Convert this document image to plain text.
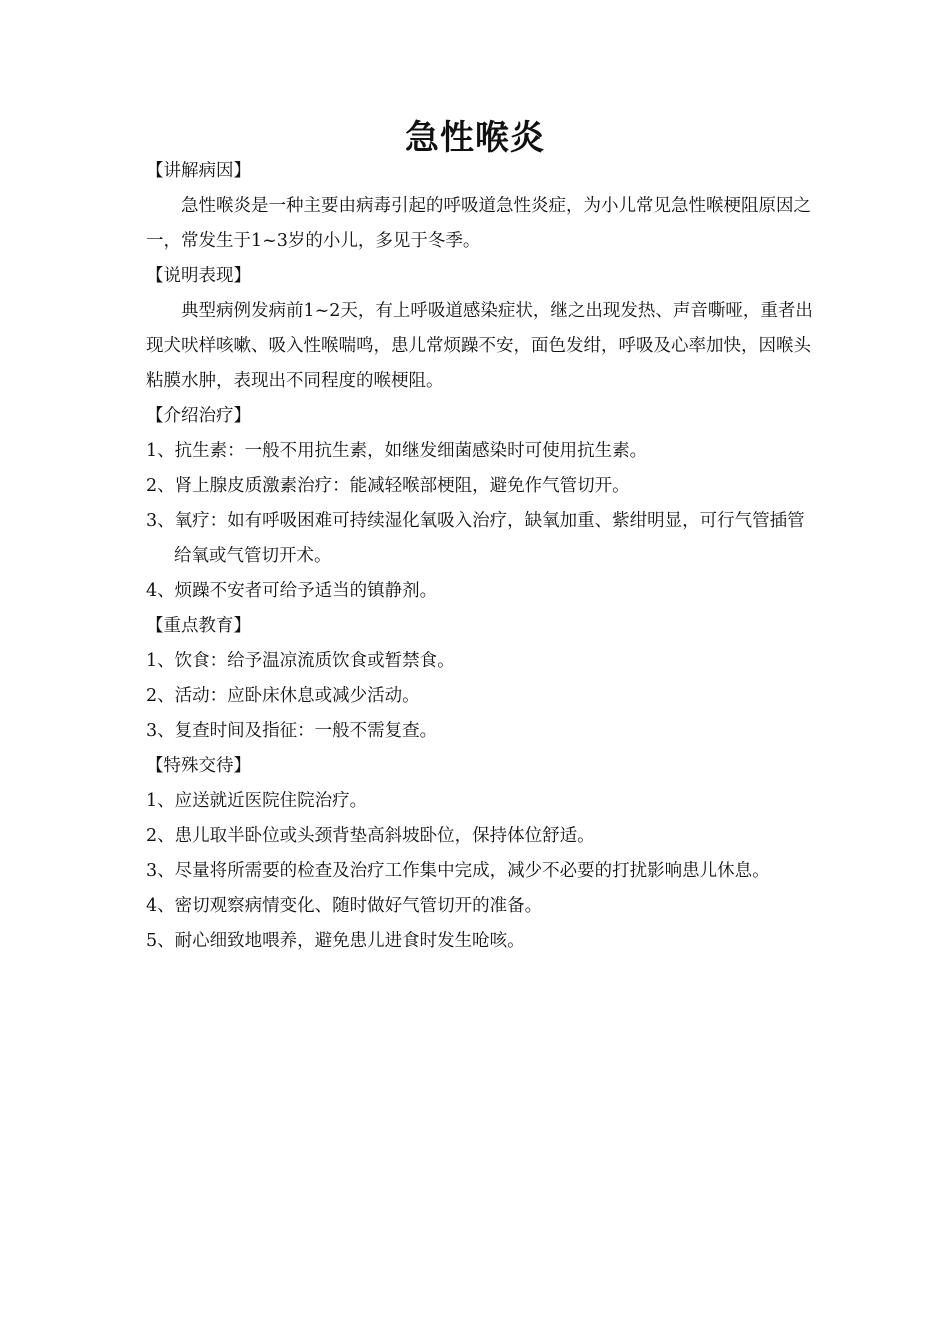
急性喉炎

【讲解病因】

急性喉炎是一种主要由病毒引起的呼吸道急性炎症，为小儿常见急性喉梗阻原因之一，常发生于1~3岁的小儿，多见于冬季。

【说明表现】

典型病例发病前1~2天，有上呼吸道感染症状，继之出现发热、声音嘶哑，重者出现犬吠样咳嗽、吸入性喉喘鸣，患儿常烦躁不安，面色发绀，呼吸及心率加快，因喉头粘膜水肿，表现出不同程度的喉梗阻。

【介绍治疗】

1、抗生素：一般不用抗生素，如继发细菌感染时可使用抗生素。

2、肾上腺皮质激素治疗：能减轻喉部梗阻，避免作气管切开。

3、氧疗：如有呼吸困难可持续湿化氧吸入治疗，缺氧加重、紫绀明显，可行气管插管给氧或气管切开术。

4、烦躁不安者可给予适当的镇静剂。

【重点教育】

1、饮食：给予温凉流质饮食或暂禁食。

2、活动：应卧床休息或减少活动。

3、复查时间及指征：一般不需复查。

【特殊交待】

1、应送就近医院住院治疗。

2、患儿取半卧位或头颈背垫高斜坡卧位，保持体位舒适。

3、尽量将所需要的检查及治疗工作集中完成，减少不必要的打扰影响患儿休息。

4、密切观察病情变化、随时做好气管切开的准备。

5、耐心细致地喂养，避免患儿进食时发生呛咳。
